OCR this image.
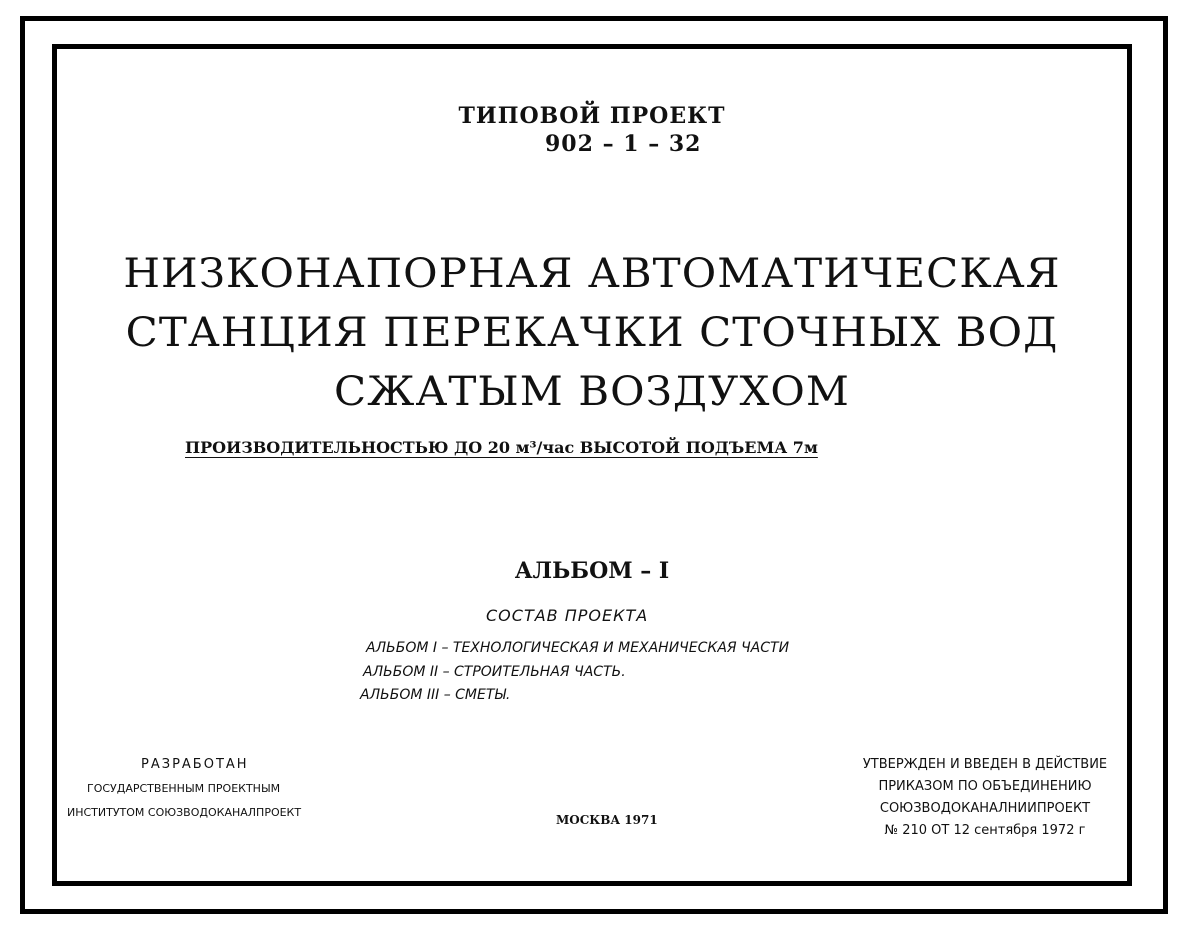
ТИПОВОЙ ПРОЕКТ
902 – 1 – 32
НИЗКОНАПОРНАЯ АВТОМАТИЧЕСКАЯ
СТАНЦИЯ ПЕРЕКАЧКИ СТОЧНЫХ ВОД
СЖАТЫМ ВОЗДУХОМ
ПРОИЗВОДИТЕЛЬНОСТЬЮ ДО 20 м³/час ВЫСОТОЙ ПОДЪЕМА 7м
АЛЬБОМ – I
СОСТАВ ПРОЕКТА
АЛЬБОМ I – ТЕХНОЛОГИЧЕСКАЯ И МЕХАНИЧЕСКАЯ ЧАСТИ
АЛЬБОМ II – СТРОИТЕЛЬНАЯ ЧАСТЬ.
АЛЬБОМ III – СМЕТЫ.
РАЗРАБОТАН
ГОСУДАРСТВЕННЫМ ПРОЕКТНЫМ
ИНСТИТУТОМ СОЮЗВОДОКАНАЛПРОЕКТ
МОСКВА 1971
УТВЕРЖДЕН И ВВЕДЕН В ДЕЙСТВИЕ
ПРИКАЗОМ ПО ОБЪЕДИНЕНИЮ
СОЮЗВОДОКАНАЛНИИПРОЕКТ
№ 210 ОТ 12 сентября 1972 г
